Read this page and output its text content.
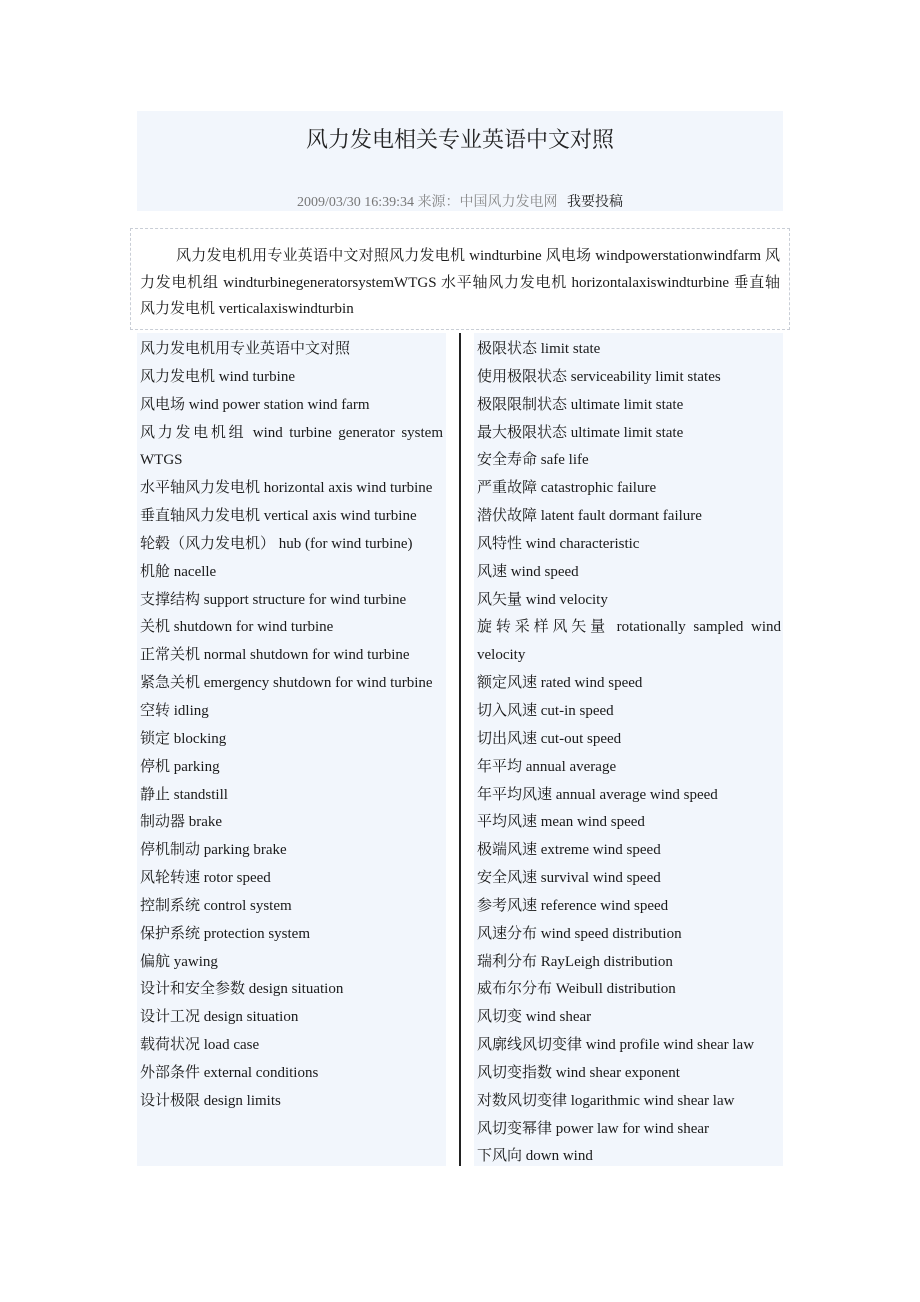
风力发电相关专业英语中文对照
2009/03/30 16:39:34 来源：中国风力发电网 我要投稿

风力发电机用专业英语中文对照风力发电机 windturbine 风电场 windpowerstationwindfarm 风力发电机组 windturbinegeneratorsystemWTGS 水平轴风力发电机 horizontalaxiswindturbine 垂直轴风力发电机 verticalaxiswindturbin

风力发电机用专业英语中文对照
风力发电机 wind turbine
风电场 wind power station wind farm
风力发电机组 wind turbine generator system WTGS
水平轴风力发电机 horizontal axis wind turbine
垂直轴风力发电机 vertical axis wind turbine
轮毂（风力发电机） hub (for wind turbine)
机舱 nacelle
支撑结构 support structure for wind turbine
关机 shutdown for wind turbine
正常关机 normal shutdown for wind turbine
紧急关机 emergency shutdown for wind turbine
空转 idling
锁定 blocking
停机 parking
静止 standstill
制动器 brake
停机制动 parking brake
风轮转速 rotor speed
控制系统 control system
保护系统 protection system
偏航 yawing
设计和安全参数 design situation
设计工况 design situation
载荷状况 load case
外部条件 external conditions
设计极限 design limits
极限状态 limit state
使用极限状态 serviceability limit states
极限限制状态 ultimate limit state
最大极限状态 ultimate limit state
安全寿命 safe life
严重故障 catastrophic failure
潜伏故障 latent fault dormant failure
风特性 wind characteristic
风速 wind speed
风矢量 wind velocity
旋转采样风矢量 rotationally sampled wind velocity
额定风速 rated wind speed
切入风速 cut-in speed
切出风速 cut-out speed
年平均 annual average
年平均风速 annual average wind speed
平均风速 mean wind speed
极端风速 extreme wind speed
安全风速 survival wind speed
参考风速 reference wind speed
风速分布 wind speed distribution
瑞利分布 RayLeigh distribution
威布尔分布 Weibull distribution
风切变 wind shear
风廓线风切变律 wind profile wind shear law
风切变指数 wind shear exponent
对数风切变律 logarithmic wind shear law
风切变幂律 power law for wind shear
下风向 down wind
